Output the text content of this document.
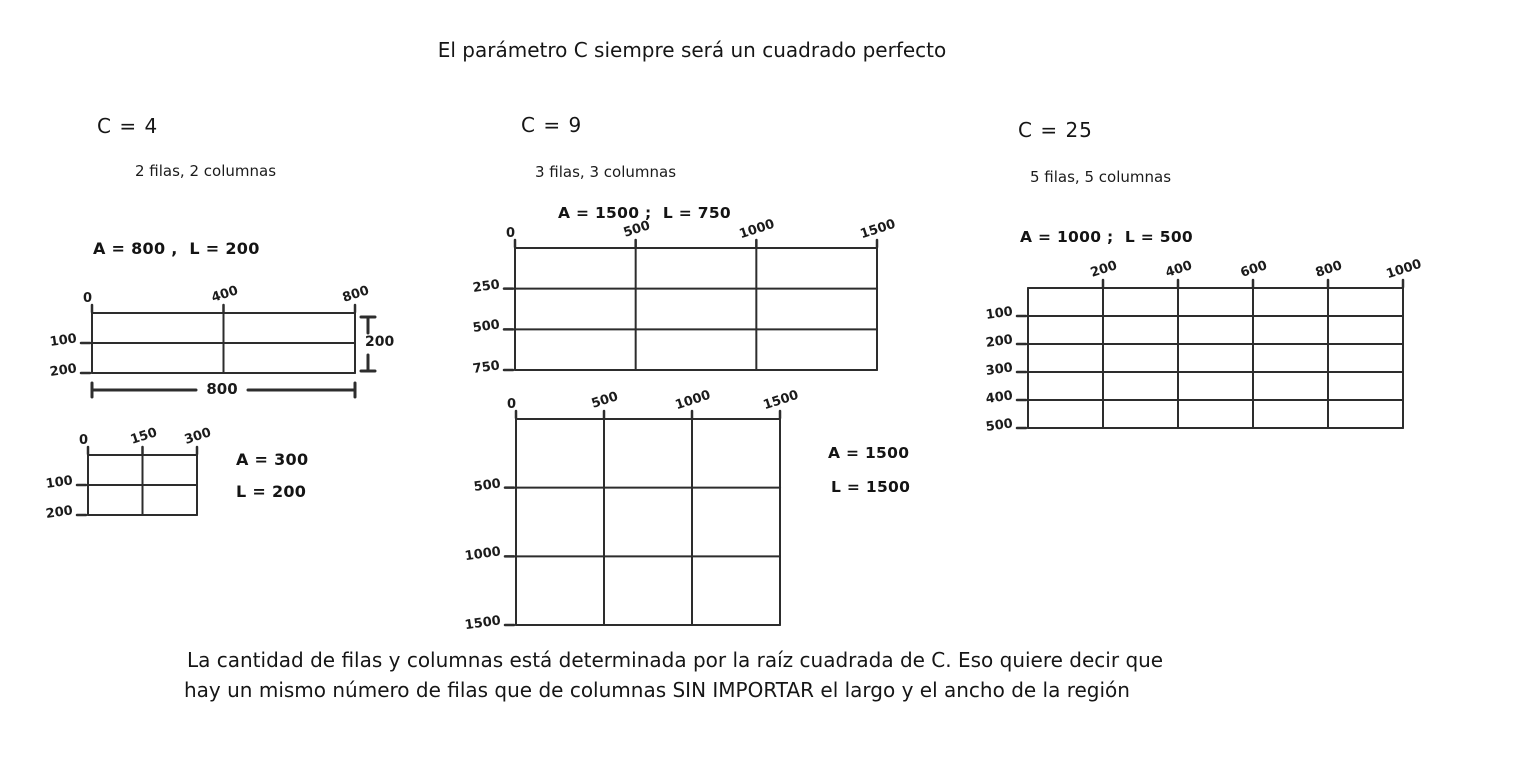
0	400	800
100
200
200
800
0	150	300
100
200
0	500	1000	1500
250
500
750
0	500	1000	1500
500
1000
1500
200	400	600	800	1000
100
200
300
400
500
El parámetro C siempre será un cuadrado perfecto
C = 4
2 filas, 2 columnas
A = 800 ,  L = 200
A = 300
L = 200
C = 9
3 filas, 3 columnas
A = 1500 ;  L = 750
A = 1500
L = 1500
C = 25
5 filas, 5 columnas
A = 1000 ;  L = 500
La cantidad de filas y columnas está determinada por la raíz cuadrada de C. Eso quiere decir que
hay un mismo número de filas que de columnas SIN IMPORTAR el largo y el ancho de la región
